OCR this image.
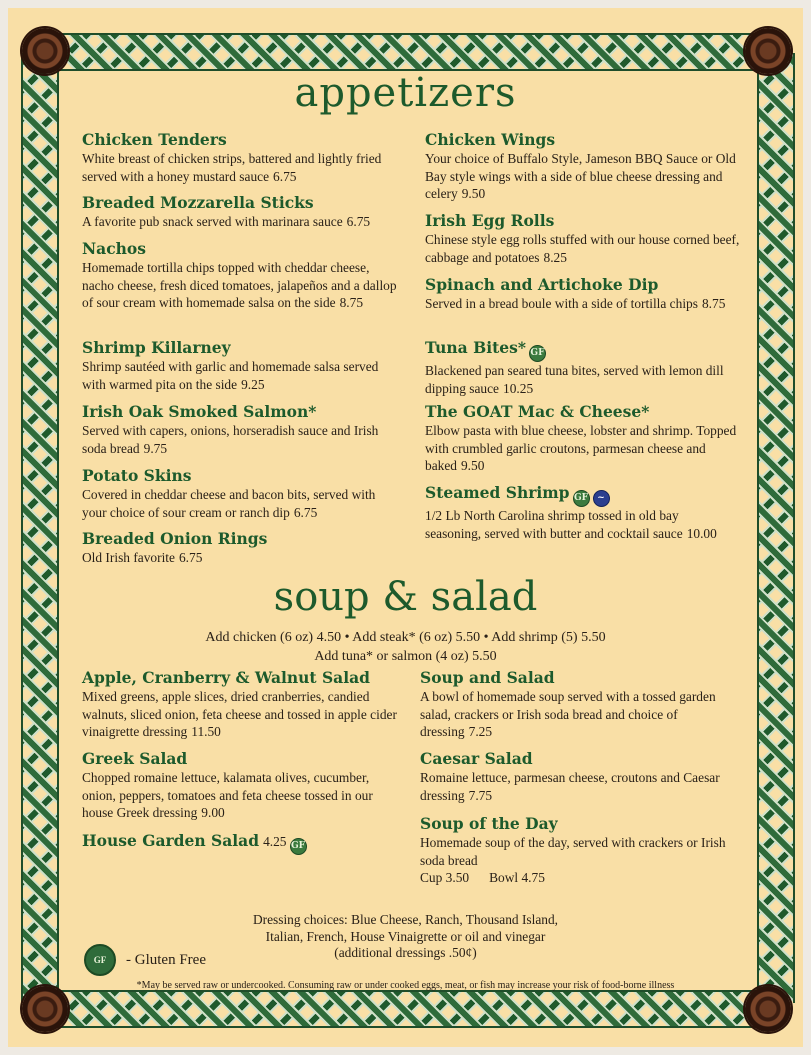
appetizers
Chicken Tenders
White breast of chicken strips, battered and lightly fried served with a honey mustard sauce 6.75
Breaded Mozzarella Sticks
A favorite pub snack served with marinara sauce 6.75
Nachos
Homemade tortilla chips topped with cheddar cheese, nacho cheese, fresh diced tomatoes, jalapeños and a dallop of sour cream with homemade salsa on the side 8.75
Shrimp Killarney
Shrimp sautéed with garlic and homemade salsa served with warmed pita on the side 9.25
Irish Oak Smoked Salmon*
Served with capers, onions, horseradish sauce and Irish soda bread 9.75
Potato Skins
Covered in cheddar cheese and bacon bits, served with your choice of sour cream or ranch dip 6.75
Breaded Onion Rings
Old Irish favorite 6.75
Chicken Wings
Your choice of Buffalo Style, Jameson BBQ Sauce or Old Bay style wings with a side of blue cheese dressing and celery 9.50
Irish Egg Rolls
Chinese style egg rolls stuffed with our house corned beef, cabbage and potatoes 8.25
Spinach and Artichoke Dip
Served in a bread boule with a side of tortilla chips 8.75
Tuna Bites* GF
Blackened pan seared tuna bites, served with lemon dill dipping sauce 10.25
The GOAT Mac & Cheese*
Elbow pasta with blue cheese, lobster and shrimp. Topped with crumbled garlic croutons, parmesan cheese and baked 9.50
Steamed Shrimp GF ~
1/2 Lb North Carolina shrimp tossed in old bay seasoning, served with butter and cocktail sauce 10.00
soup & salad
Add chicken (6 oz) 4.50 • Add steak* (6 oz) 5.50 • Add shrimp (5) 5.50
Add tuna* or salmon (4 oz) 5.50
Apple, Cranberry & Walnut Salad
Mixed greens, apple slices, dried cranberries, candied walnuts, sliced onion, feta cheese and tossed in apple cider vinaigrette dressing 11.50
Greek Salad
Chopped romaine lettuce, kalamata olives, cucumber, onion, peppers, tomatoes and feta cheese tossed in our house Greek dressing 9.00
House Garden Salad 4.25 GF
Soup and Salad
A bowl of homemade soup served with a tossed garden salad, crackers or Irish soda bread and choice of dressing 7.25
Caesar Salad
Romaine lettuce, parmesan cheese, croutons and Caesar dressing 7.75
Soup of the Day
Homemade soup of the day, served with crackers or Irish soda bread
Cup 3.50 Bowl 4.75
Dressing choices: Blue Cheese, Ranch, Thousand Island,
Italian, French, House Vinaigrette or oil and vinegar
(additional dressings .50¢)
GF	- Gluten Free
*May be served raw or undercooked. Consuming raw or under cooked eggs, meat, or fish may increase your risk of food-borne illness
